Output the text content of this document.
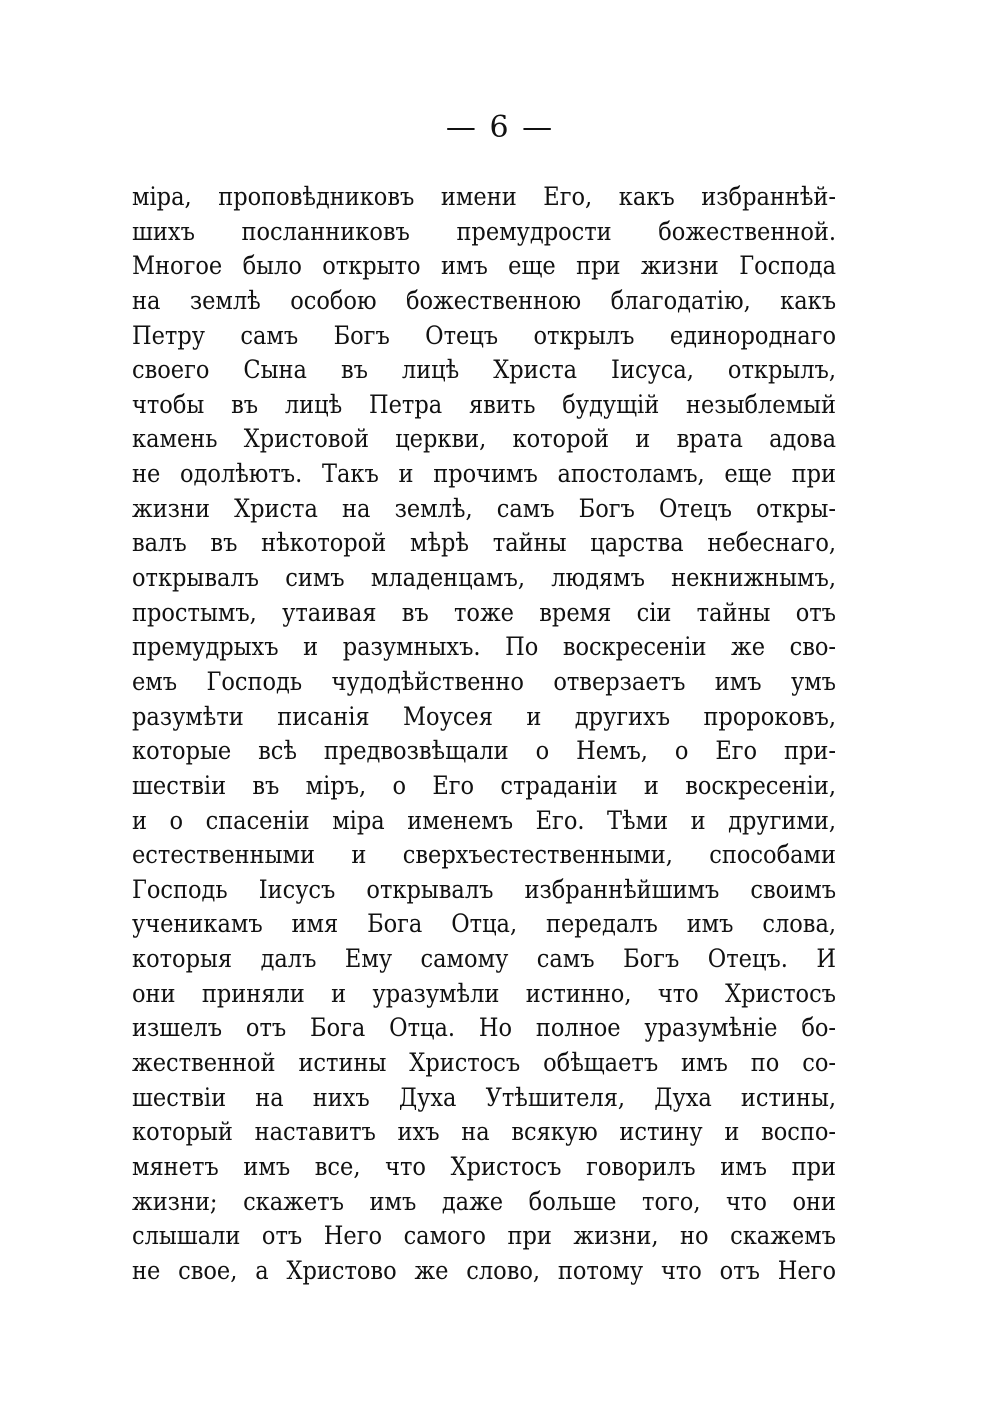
— 6 —
міра, проповѣдниковъ имени Его, какъ избраннѣй-
шихъ посланниковъ премудрости божественной.
Многое было открыто имъ еще при жизни Господа
на землѣ особою божественною благодатію, какъ
Петру самъ Богъ Отецъ открылъ единороднаго
своего Сына въ лицѣ Христа Іисуса, открылъ,
чтобы въ лицѣ Петра явить будущій незыблемый
камень Христовой церкви, которой и врата адова
не одолѣютъ. Такъ и прочимъ апостоламъ, еще при
жизни Христа на землѣ, самъ Богъ Отецъ откры-
валъ въ нѣкоторой мѣрѣ тайны царства небеснаго,
открывалъ симъ младенцамъ, людямъ некнижнымъ,
простымъ, утаивая въ тоже время сіи тайны отъ
премудрыхъ и разумныхъ. По воскресеніи же сво-
емъ Господь чудодѣйственно отверзаетъ имъ умъ
разумѣти писанія Моусея и другихъ пророковъ,
которые всѣ предвозвѣщали о Немъ, о Его при-
шествіи въ міръ, о Его страданіи и воскресеніи,
и о спасеніи міра именемъ Его. Тѣми и другими,
естественными и сверхъестественными, способами
Господь Іисусъ открывалъ избраннѣйшимъ своимъ
ученикамъ имя Бога Отца, передалъ имъ слова,
которыя далъ Ему самому самъ Богъ Отецъ. И
они приняли и уразумѣли истинно, что Христосъ
изшелъ отъ Бога Отца. Но полное уразумѣніе бо-
жественной истины Христосъ обѣщаетъ имъ по со-
шествіи на нихъ Духа Утѣшителя, Духа истины,
который наставитъ ихъ на всякую истину и воспо-
мянетъ имъ все, что Христосъ говорилъ имъ при
жизни; скажетъ имъ даже больше того, что они
слышали отъ Него самого при жизни, но скажемъ
не свое, а Христово же слово, потому что отъ Него
